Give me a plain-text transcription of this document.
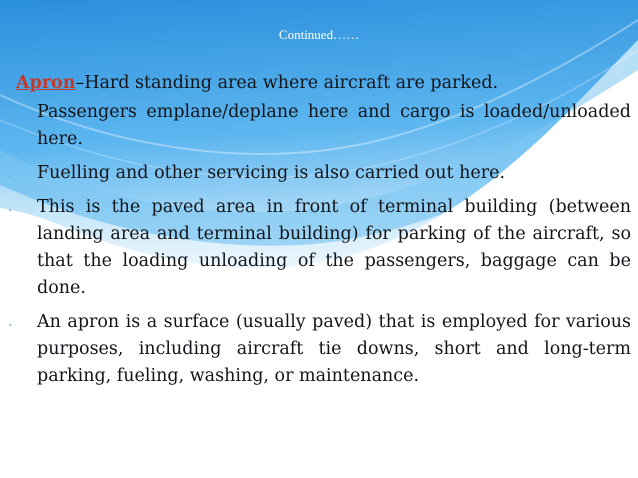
Continued……
Apron–Hard standing area where aircraft are parked.
.	Passengers emplane/deplane here and cargo is loaded/unloaded here.
.	Fuelling and other servicing is also carried out here.
.	This is the paved area in front of terminal building (between landing area and terminal building) for parking of the aircraft, so that the loading unloading of the passengers, baggage can be done.
.	An apron is a surface (usually paved) that is employed for various purposes, including aircraft tie downs, short and long-term parking, fueling, washing, or maintenance.
